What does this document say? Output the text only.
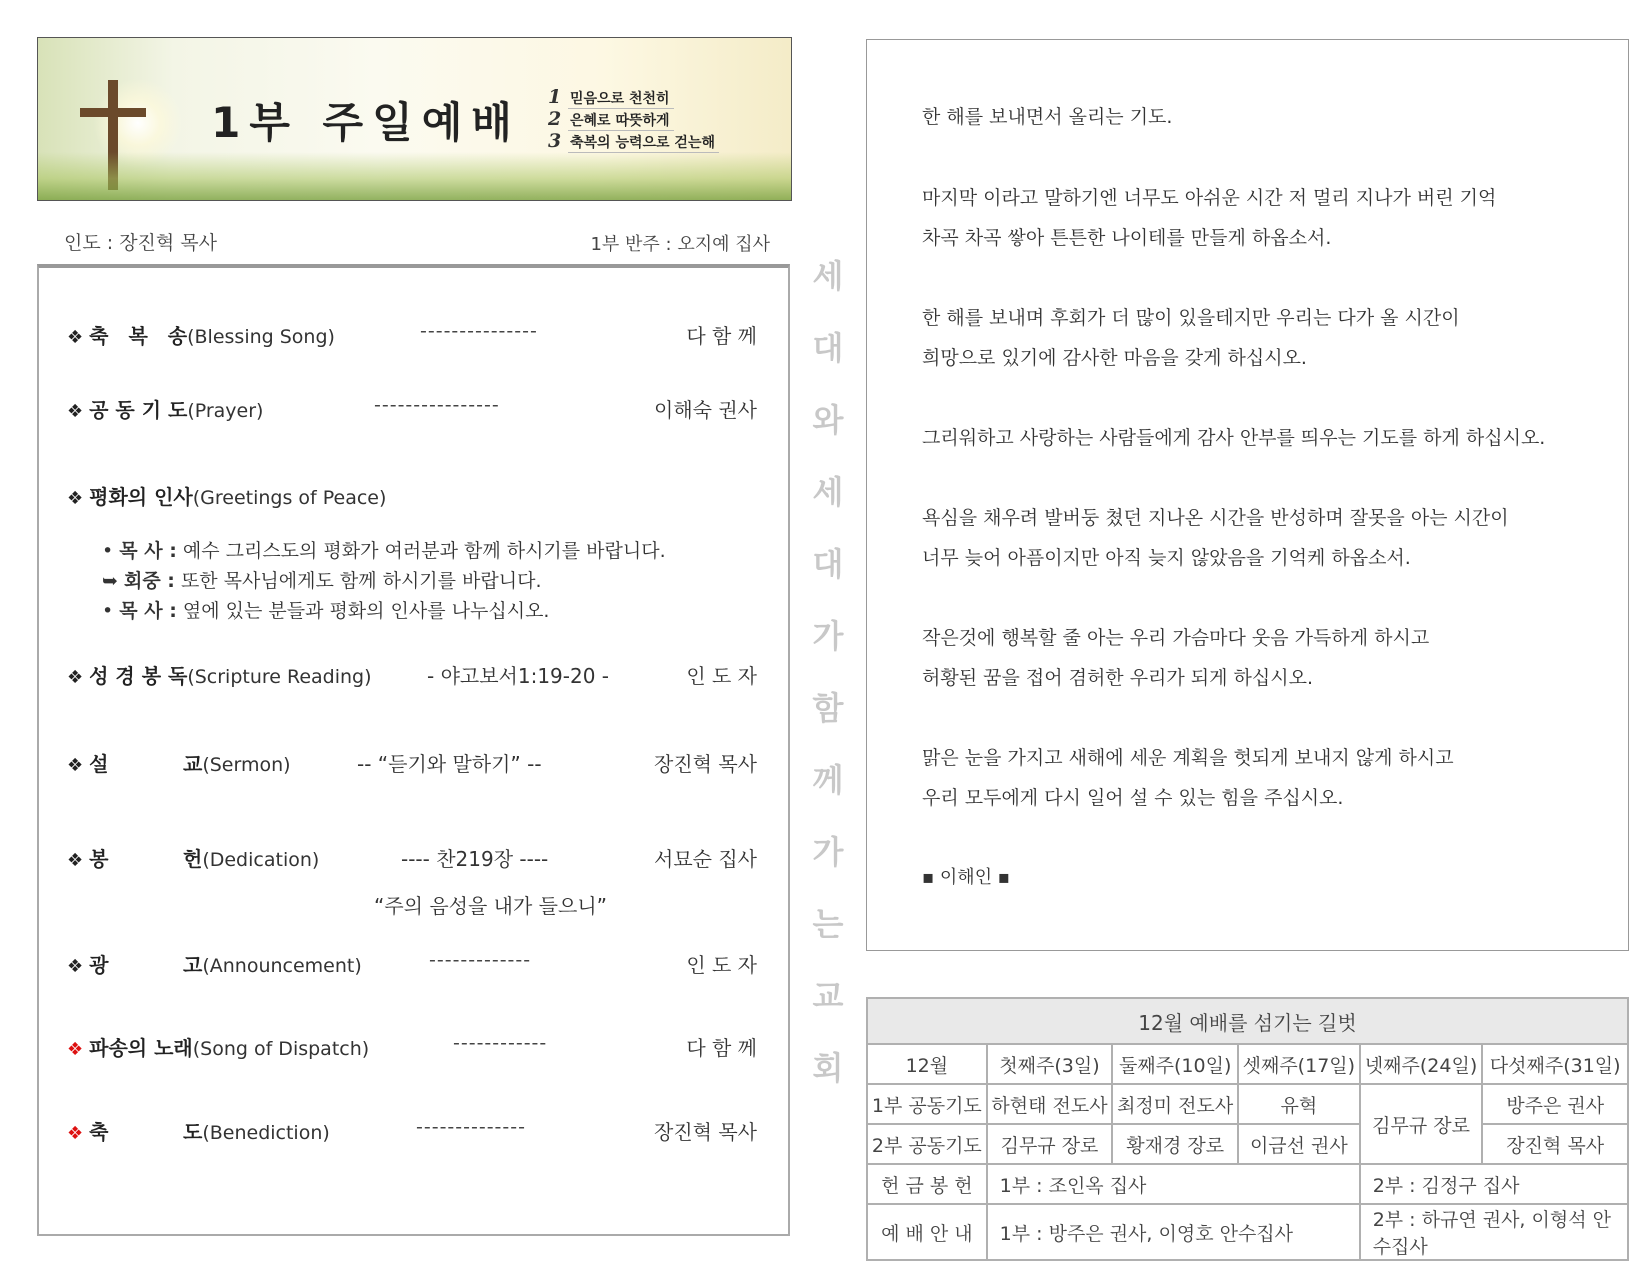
1부 주일예배
1 믿음으로 천천히
2 은혜로 따뜻하게
3 축복의 능력으로 걷는해
인도 : 장진혁 목사	1부 반주 : 오지예 집사
❖ 축　복　송(Blessing Song)	---------------	다 함 께
❖ 공 동 기 도(Prayer)	----------------	이해숙 권사
❖ 평화의 인사(Greetings of Peace)
• 목 사 : 예수 그리스도의 평화가 여러분과 함께 하시기를 바랍니다.
➥ 회중 : 또한 목사님에게도 함께 하시기를 바랍니다.
• 목 사 : 옆에 있는 분들과 평화의 인사를 나누십시오.
❖ 성 경 봉 독(Scripture Reading)	- 야고보서1:19-20 -	인 도 자
❖ 설	교(Sermon)	-- “듣기와 말하기” --	장진혁 목사
❖ 봉	헌(Dedication)	---- 찬219장 ----	서묘순 집사
“주의 음성을 내가 들으니”
❖ 광	고(Announcement)	-------------	인 도 자
❖ 파송의 노래(Song of Dispatch)	------------	다 함 께
❖ 축	도(Benediction)	--------------	장진혁 목사
세
대
와
세
대
가
함
께
가
는
교
회
한 해를 보내면서 올리는 기도.
마지막 이라고 말하기엔 너무도 아쉬운 시간 저 멀리 지나가 버린 기억
차곡 차곡 쌓아 튼튼한 나이테를 만들게 하옵소서.
한 해를 보내며 후회가 더 많이 있을테지만 우리는 다가 올 시간이
희망으로 있기에 감사한 마음을 갖게 하십시오.
그리워하고 사랑하는 사람들에게 감사 안부를 띄우는 기도를 하게 하십시오.
욕심을 채우려 발버둥 쳤던 지나온 시간을 반성하며 잘못을 아는 시간이
너무 늦어 아픔이지만 아직 늦지 않았음을 기억케 하옵소서.
작은것에 행복할 줄 아는 우리 가슴마다 웃음 가득하게 하시고
허황된 꿈을 접어 겸허한 우리가 되게 하십시오.
맑은 눈을 가지고 새해에 세운 계획을 헛되게 보내지 않게 하시고
우리 모두에게 다시 일어 설 수 있는 힘을 주십시오.
▪ 이해인 ▪
12월 예배를 섬기는 길벗					
12월	첫째주(3일)	둘째주(10일)	셋째주(17일)	넷째주(24일)	다섯째주(31일)
1부 공동기도	하현태 전도사	최정미 전도사	유혁	김무규 장로	방주은 권사
2부 공동기도	김무규 장로	황재경 장로	이금선 권사		장진혁 목사
헌 금 봉 헌	1부 : 조인옥 집사			2부 : 김정구 집사	
예 배 안 내	1부 : 방주은 권사, 이영호 안수집사			2부 : 하규연 권사, 이형석 안수집사	
